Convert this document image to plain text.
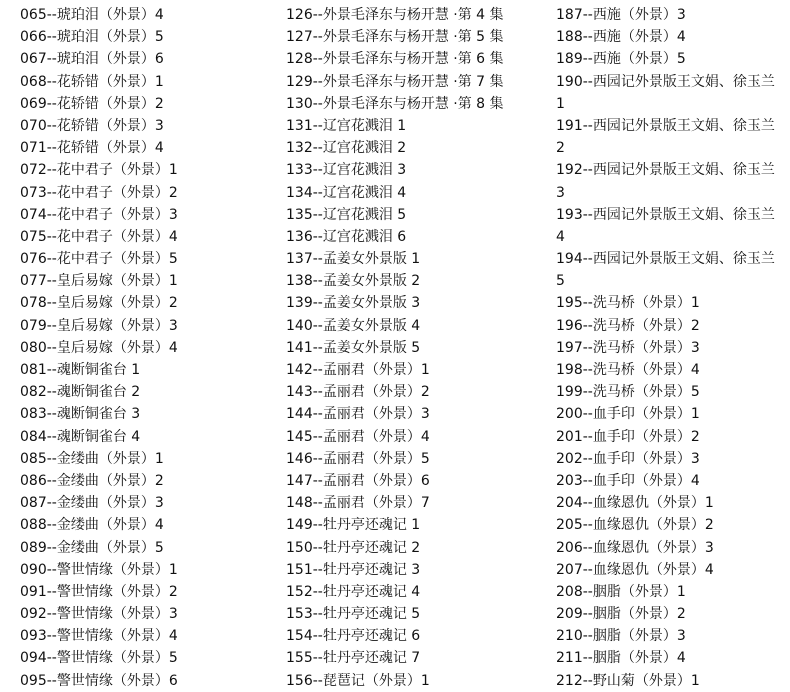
065--琥珀泪（外景）4
066--琥珀泪（外景）5
067--琥珀泪（外景）6
068--花轿错（外景）1
069--花轿错（外景）2
070--花轿错（外景）3
071--花轿错（外景）4
072--花中君子（外景）1
073--花中君子（外景）2
074--花中君子（外景）3
075--花中君子（外景）4
076--花中君子（外景）5
077--皇后易嫁（外景）1
078--皇后易嫁（外景）2
079--皇后易嫁（外景）3
080--皇后易嫁（外景）4
081--魂断铜雀台 1
082--魂断铜雀台 2
083--魂断铜雀台 3
084--魂断铜雀台 4
085--金缕曲（外景）1
086--金缕曲（外景）2
087--金缕曲（外景）3
088--金缕曲（外景）4
089--金缕曲（外景）5
090--警世情缘（外景）1
091--警世情缘（外景）2
092--警世情缘（外景）3
093--警世情缘（外景）4
094--警世情缘（外景）5
095--警世情缘（外景）6
126--外景毛泽东与杨开慧 ·第 4 集
127--外景毛泽东与杨开慧 ·第 5 集
128--外景毛泽东与杨开慧 ·第 6 集
129--外景毛泽东与杨开慧 ·第 7 集
130--外景毛泽东与杨开慧 ·第 8 集
131--辽宫花溅泪 1
132--辽宫花溅泪 2
133--辽宫花溅泪 3
134--辽宫花溅泪 4
135--辽宫花溅泪 5
136--辽宫花溅泪 6
137--孟姜女外景版 1
138--孟姜女外景版 2
139--孟姜女外景版 3
140--孟姜女外景版 4
141--孟姜女外景版 5
142--孟丽君（外景）1
143--孟丽君（外景）2
144--孟丽君（外景）3
145--孟丽君（外景）4
146--孟丽君（外景）5
147--孟丽君（外景）6
148--孟丽君（外景）7
149--牡丹亭还魂记 1
150--牡丹亭还魂记 2
151--牡丹亭还魂记 3
152--牡丹亭还魂记 4
153--牡丹亭还魂记 5
154--牡丹亭还魂记 6
155--牡丹亭还魂记 7
156--琵琶记（外景）1
187--西施（外景）3
188--西施（外景）4
189--西施（外景）5
190--西园记外景版王文娟、徐玉兰
1
191--西园记外景版王文娟、徐玉兰
2
192--西园记外景版王文娟、徐玉兰
3
193--西园记外景版王文娟、徐玉兰
4
194--西园记外景版王文娟、徐玉兰
5
195--洗马桥（外景）1
196--洗马桥（外景）2
197--洗马桥（外景）3
198--洗马桥（外景）4
199--洗马桥（外景）5
200--血手印（外景）1
201--血手印（外景）2
202--血手印（外景）3
203--血手印（外景）4
204--血缘恩仇（外景）1
205--血缘恩仇（外景）2
206--血缘恩仇（外景）3
207--血缘恩仇（外景）4
208--胭脂（外景）1
209--胭脂（外景）2
210--胭脂（外景）3
211--胭脂（外景）4
212--野山菊（外景）1
